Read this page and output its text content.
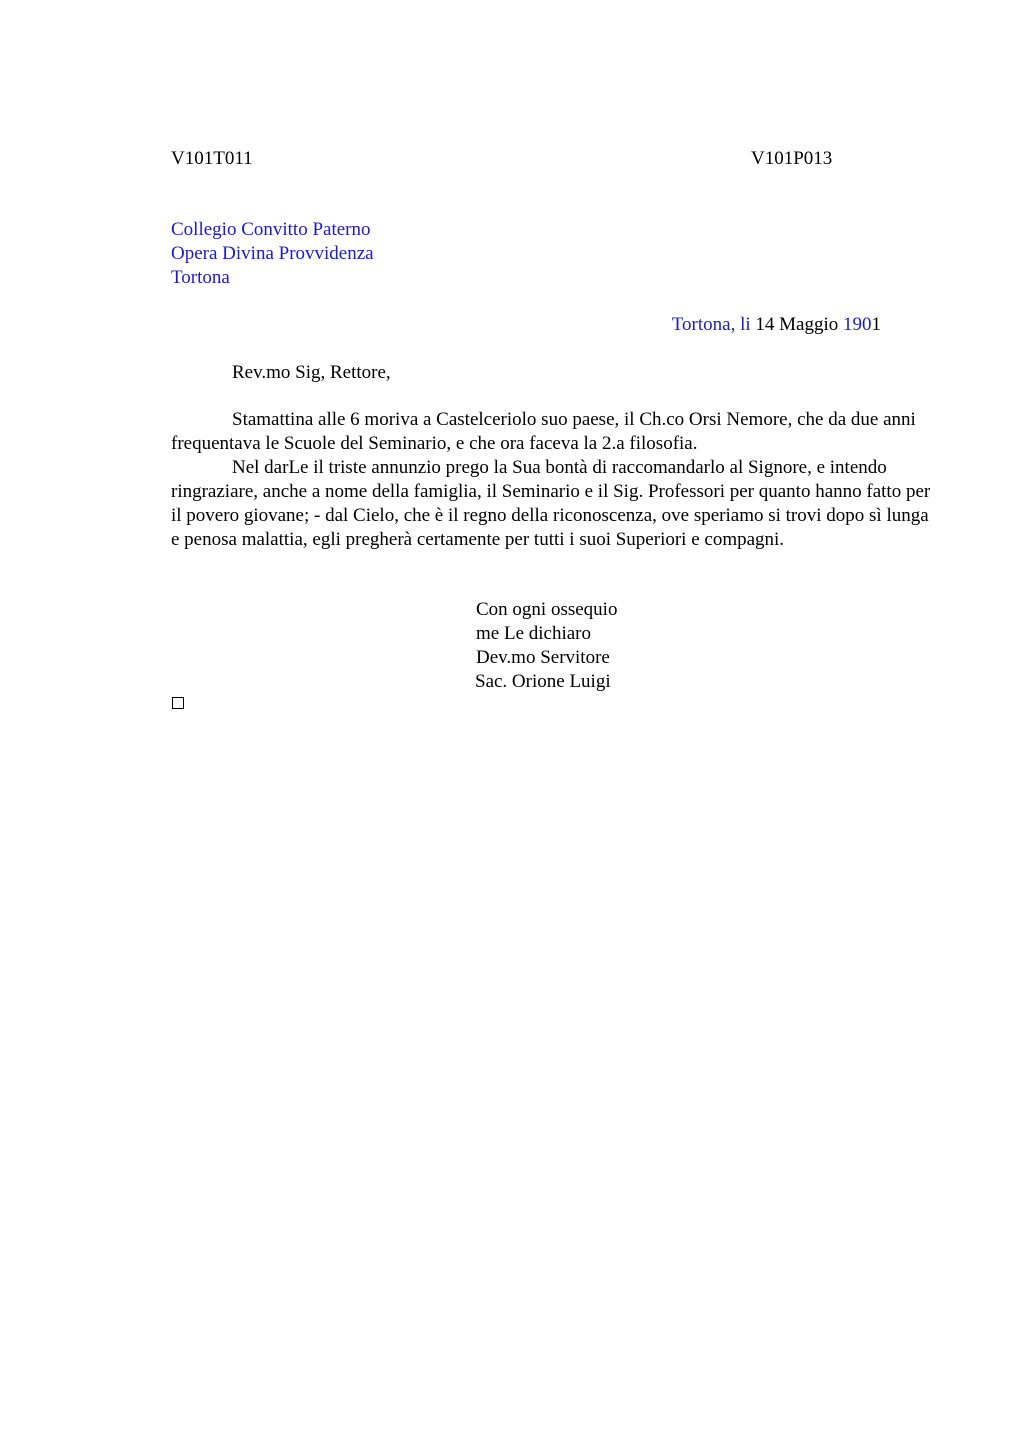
V101T011	V101P013
Collegio Convitto Paterno
Opera Divina Provvidenza
Tortona
Tortona, li 14 Maggio 1901
Rev.mo Sig, Rettore,

Stamattina alle 6 moriva a Castelceriolo suo paese, il Ch.co Orsi Nemore, che da due anni frequentava le Scuole del Seminario, e che ora faceva la 2.a filosofia.

Nel darLe il triste annunzio prego la Sua bontà di raccomandarlo al Signore, e intendo ringraziare, anche a nome della famiglia, il Seminario e il Sig. Professori per quanto hanno fatto per il povero giovane; - dal Cielo, che è il regno della riconoscenza, ove speriamo si trovi dopo sì lunga e penosa malattia, egli pregherà certamente per tutti i suoi Superiori e compagni.

Con ogni ossequio
me Le dichiaro
Dev.mo Servitore
Sac. Orione Luigi
